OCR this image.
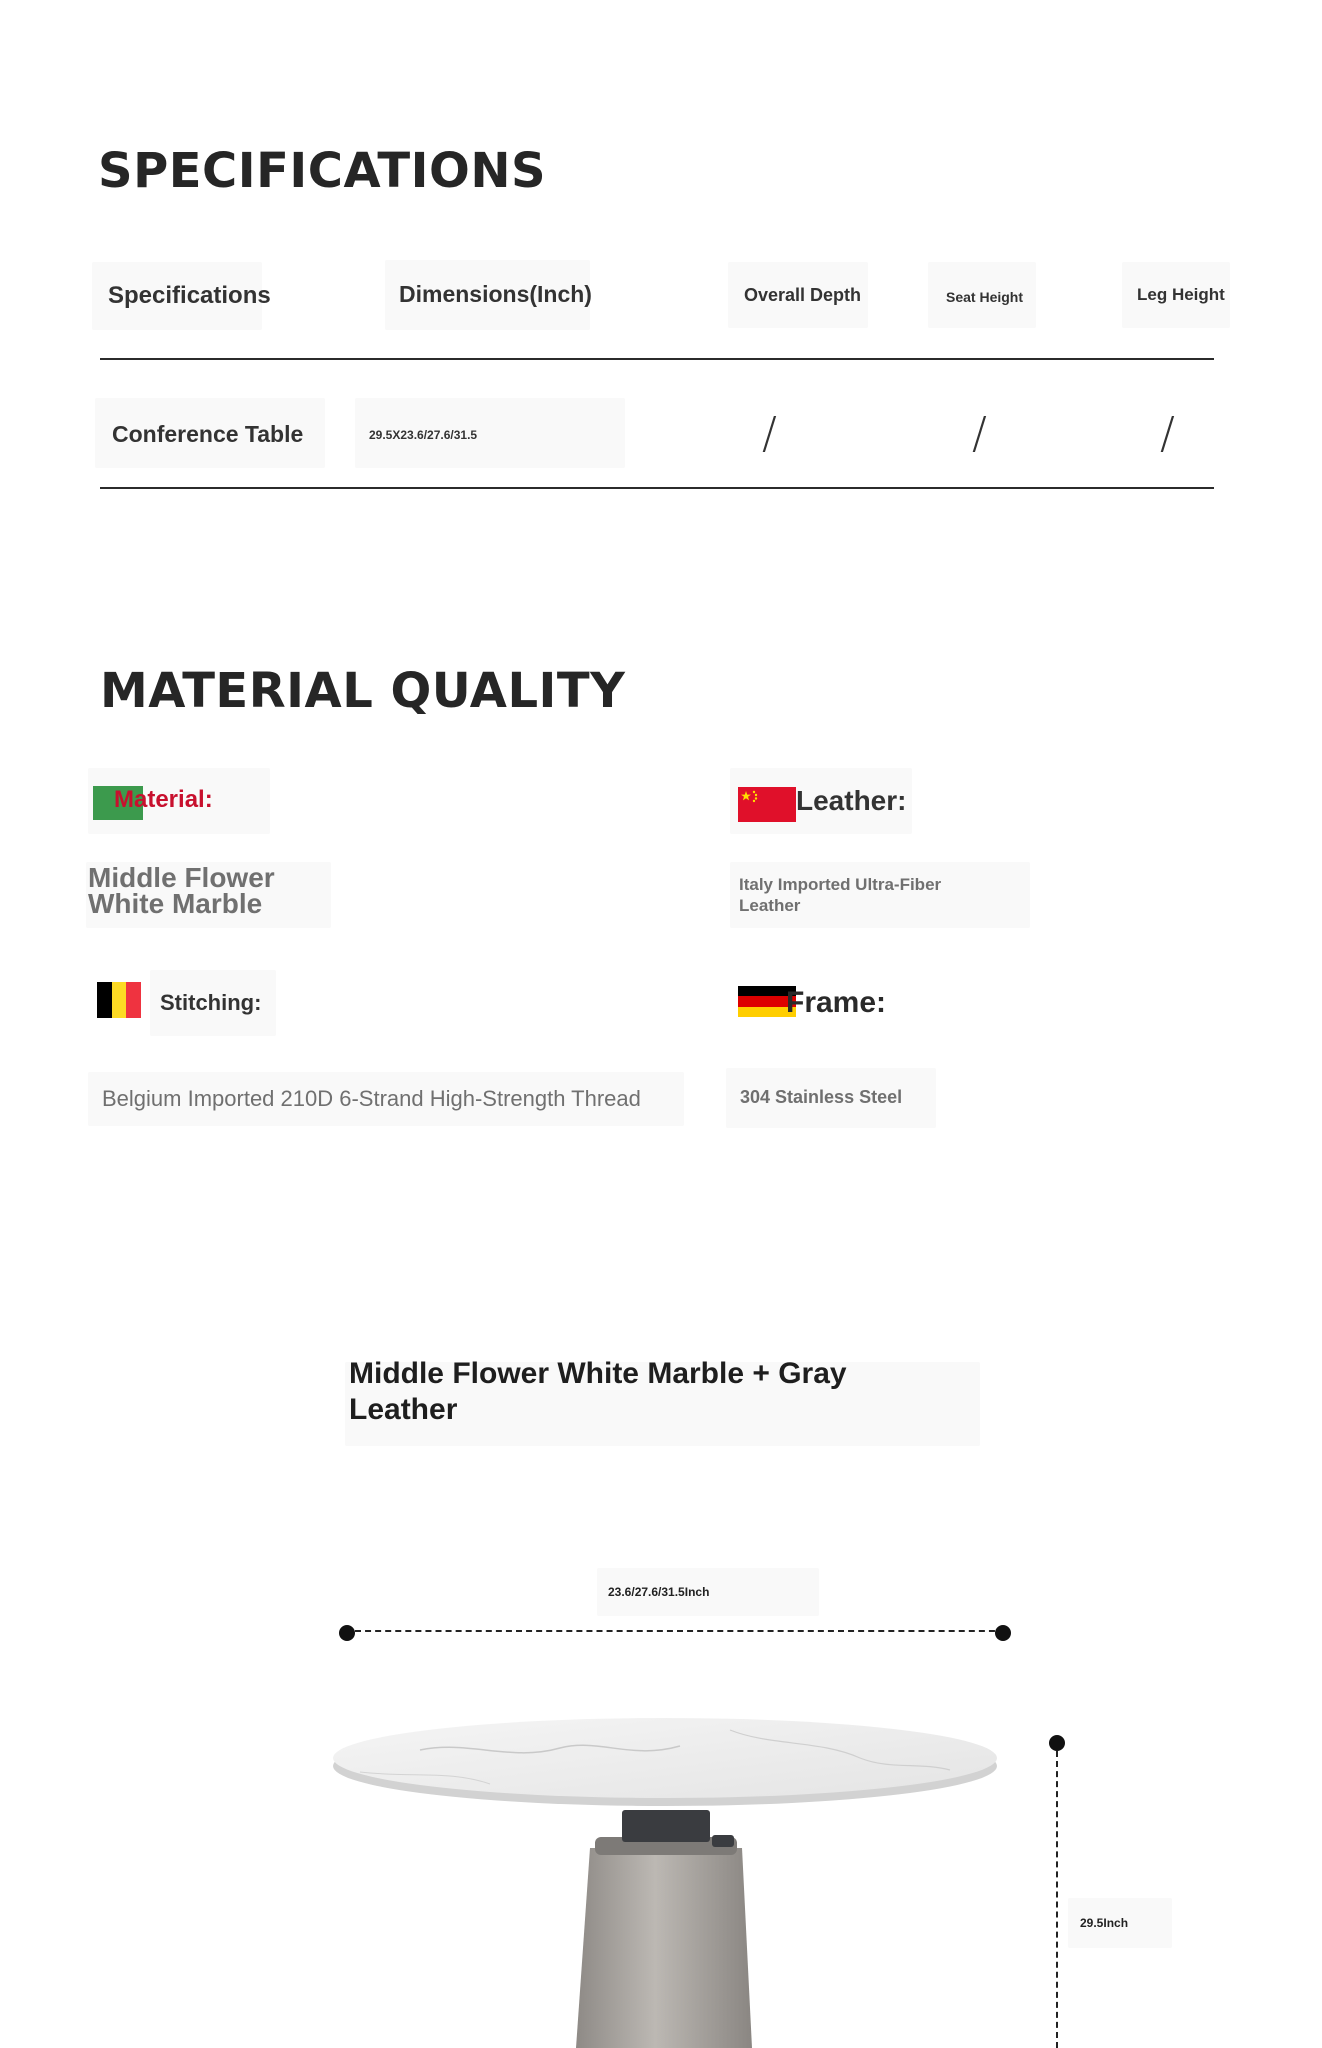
SPECIFICATIONS
Specifications	Dimensions(Inch)	Overall Depth	Seat Height	Leg Height
Conference Table	29.5X23.6/27.6/31.5	/	/	/
MATERIAL QUALITY
Material:
Middle Flower White Marble
Leather:
Italy Imported Ultra-Fiber Leather
Stitching:
Belgium Imported 210D 6-Strand High-Strength Thread
Frame:
304 Stainless Steel
Middle Flower White Marble + Gray Leather
23.6/27.6/31.5Inch
29.5Inch
